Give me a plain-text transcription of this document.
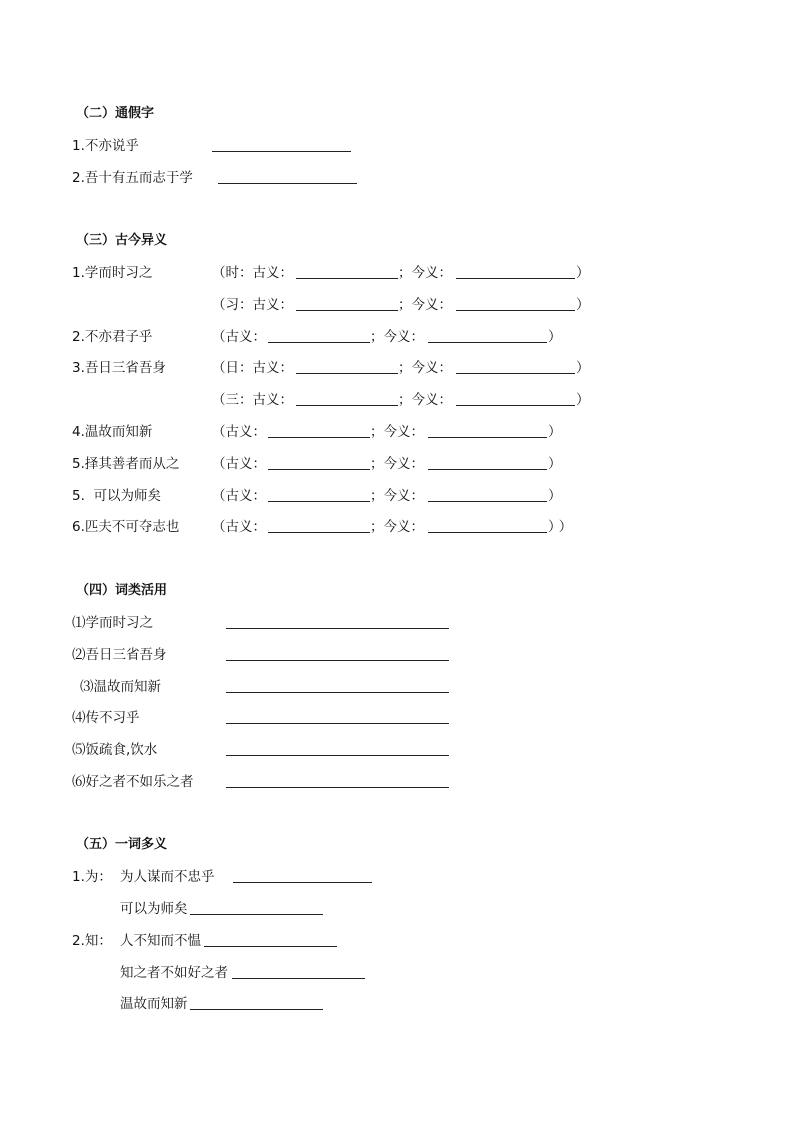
（二）通假字
1.不亦说乎
2.吾十有五而志于学
（三）古今异义
1.学而时习之	（时：古义：	；今义：	）
（习：古义：	；今义：	）
2.不亦君子乎	（古义：	；今义：	）
3.吾日三省吾身	（日：古义：	；今义：	）
（三：古义：	；今义：	）
4.温故而知新	（古义：	；今义：	）
5.择其善者而从之 （古义：	；今义：	）
5.  可以为师矣	（古义：	；今义：	）
6.匹夫不可夺志也 （古义：	；今义：	））
（四）词类活用
⑴学而时习之
⑵吾日三省吾身
⑶温故而知新
⑷传不习乎
⑸饭疏食,饮水
⑹好之者不如乐之者
（五）一词多义
1.为： 为人谋而不忠乎
可以为师矣
2.知： 人不知而不愠
知之者不如好之者
温故而知新
